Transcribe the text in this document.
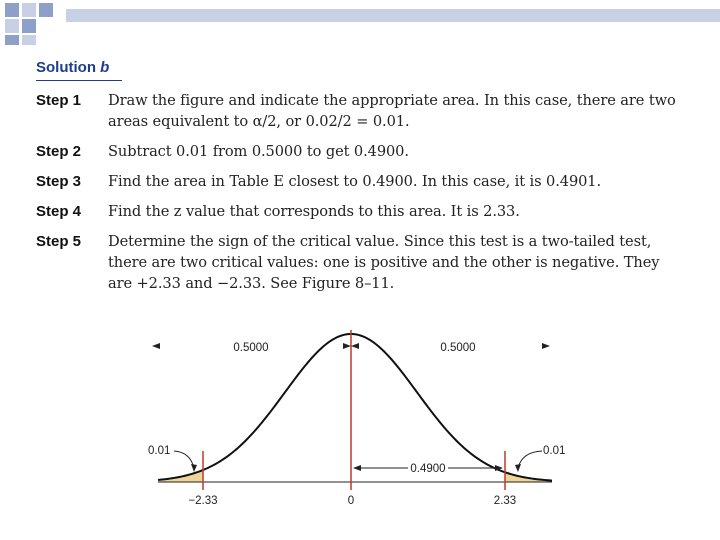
Solution b
Step 1 Draw the figure and indicate the appropriate area. In this case, there are two
areas equivalent to α/2, or 0.02/2 = 0.01.
Step 2 Subtract 0.01 from 0.5000 to get 0.4900.
Step 3 Find the area in Table E closest to 0.4900. In this case, it is 0.4901.
Step 4 Find the z value that corresponds to this area. It is 2.33.
Step 5 Determine the sign of the critical value. Since this test is a two-tailed test,
there are two critical values: one is positive and the other is negative. They
are +2.33 and −2.33. See Figure 8–11.
0.5000	0.5000
0.01	0.01
0.4900
−2.33	0	2.33
